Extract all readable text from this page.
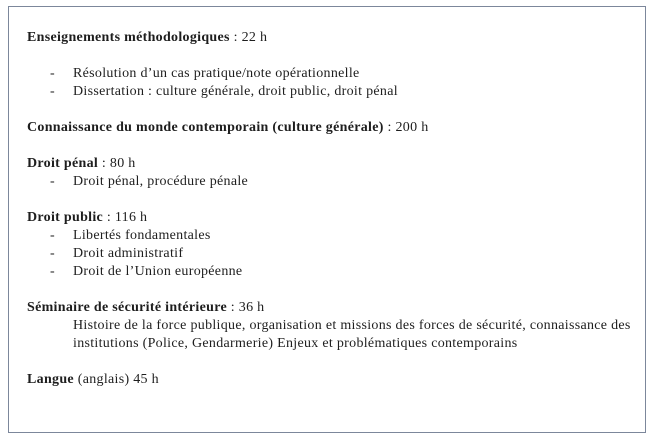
Enseignements méthodologiques : 22 h
- Résolution d’un cas pratique/note opérationnelle
- Dissertation : culture générale, droit public, droit pénal
Connaissance du monde contemporain (culture générale) : 200 h
Droit pénal : 80 h
- Droit pénal, procédure pénale
Droit public : 116 h
- Libertés fondamentales
- Droit administratif
- Droit de l’Union européenne
Séminaire de sécurité intérieure : 36 h
Histoire de la force publique, organisation et missions des forces de sécurité, connaissance des institutions (Police, Gendarmerie) Enjeux et problématiques contemporains
Langue (anglais) 45 h
